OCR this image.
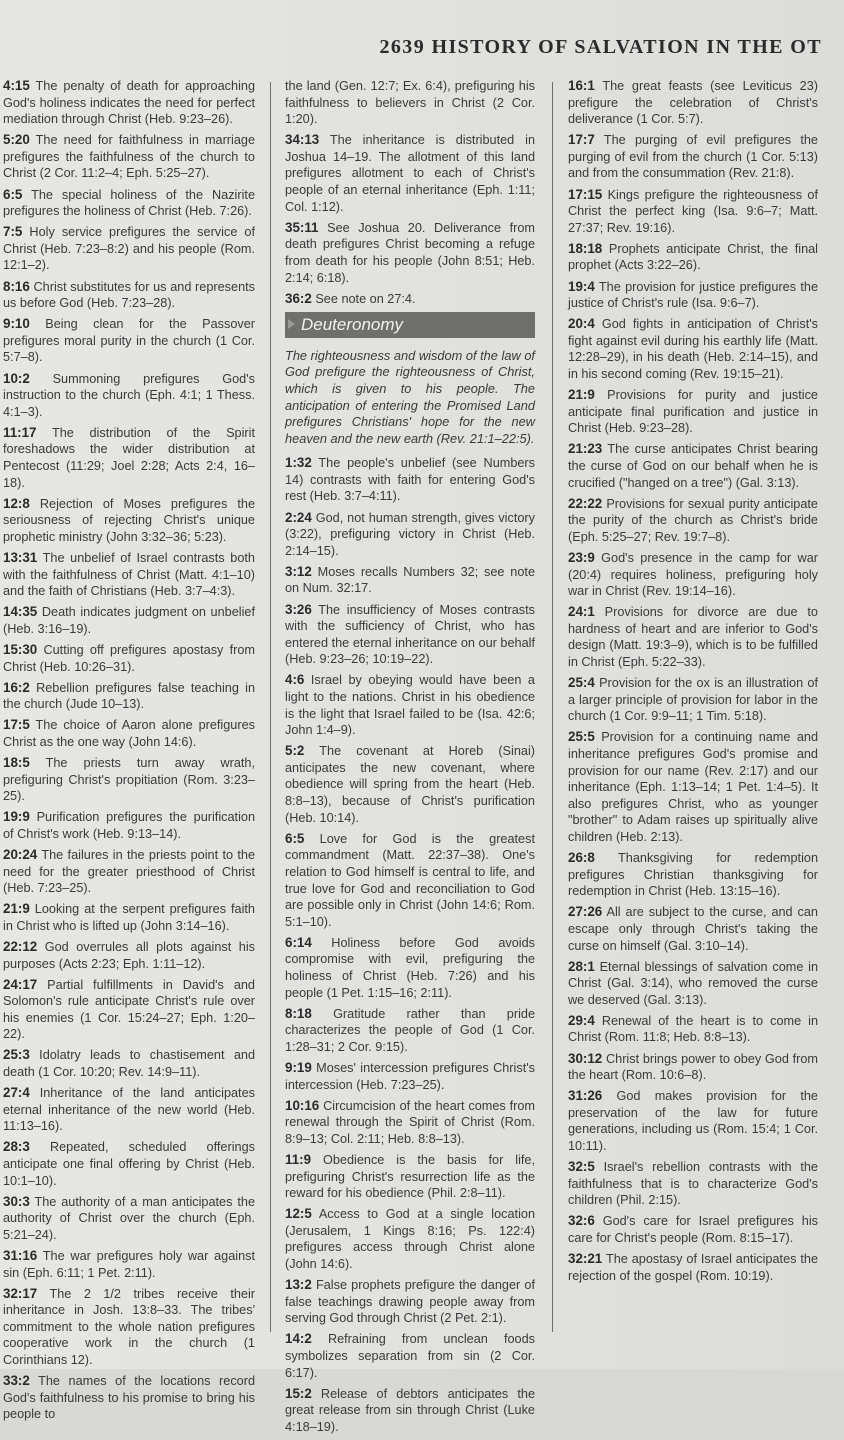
2639 HISTORY OF SALVATION IN THE OT
4:15 The penalty of death for approaching God's holiness indicates the need for perfect mediation through Christ (Heb. 9:23–26).
5:20 The need for faithfulness in marriage prefigures the faithfulness of the church to Christ (2 Cor. 11:2–4; Eph. 5:25–27).
6:5 The special holiness of the Nazirite prefigures the holiness of Christ (Heb. 7:26).
7:5 Holy service prefigures the service of Christ (Heb. 7:23–8:2) and his people (Rom. 12:1–2).
8:16 Christ substitutes for us and represents us before God (Heb. 7:23–28).
9:10 Being clean for the Passover prefigures moral purity in the church (1 Cor. 5:7–8).
10:2 Summoning prefigures God's instruction to the church (Eph. 4:1; 1 Thess. 4:1–3).
11:17 The distribution of the Spirit foreshadows the wider distribution at Pentecost (11:29; Joel 2:28; Acts 2:4, 16–18).
12:8 Rejection of Moses prefigures the seriousness of rejecting Christ's unique prophetic ministry (John 3:32–36; 5:23).
13:31 The unbelief of Israel contrasts both with the faithfulness of Christ (Matt. 4:1–10) and the faith of Christians (Heb. 3:7–4:3).
14:35 Death indicates judgment on unbelief (Heb. 3:16–19).
15:30 Cutting off prefigures apostasy from Christ (Heb. 10:26–31).
16:2 Rebellion prefigures false teaching in the church (Jude 10–13).
17:5 The choice of Aaron alone prefigures Christ as the one way (John 14:6).
18:5 The priests turn away wrath, prefiguring Christ's propitiation (Rom. 3:23–25).
19:9 Purification prefigures the purification of Christ's work (Heb. 9:13–14).
20:24 The failures in the priests point to the need for the greater priesthood of Christ (Heb. 7:23–25).
21:9 Looking at the serpent prefigures faith in Christ who is lifted up (John 3:14–16).
22:12 God overrules all plots against his purposes (Acts 2:23; Eph. 1:11–12).
24:17 Partial fulfillments in David's and Solomon's rule anticipate Christ's rule over his enemies (1 Cor. 15:24–27; Eph. 1:20–22).
25:3 Idolatry leads to chastisement and death (1 Cor. 10:20; Rev. 14:9–11).
27:4 Inheritance of the land anticipates eternal inheritance of the new world (Heb. 11:13–16).
28:3 Repeated, scheduled offerings anticipate one final offering by Christ (Heb. 10:1–10).
30:3 The authority of a man anticipates the authority of Christ over the church (Eph. 5:21–24).
31:16 The war prefigures holy war against sin (Eph. 6:11; 1 Pet. 2:11).
32:17 The 2 1/2 tribes receive their inheritance in Josh. 13:8–33. The tribes' commitment to the whole nation prefigures cooperative work in the church (1 Corinthians 12).
33:2 The names of the locations record God's faithfulness to his promise to bring his people to
the land (Gen. 12:7; Ex. 6:4), prefiguring his faithfulness to believers in Christ (2 Cor. 1:20).
34:13 The inheritance is distributed in Joshua 14–19. The allotment of this land prefigures allotment to each of Christ's people of an eternal inheritance (Eph. 1:11; Col. 1:12).
35:11 See Joshua 20. Deliverance from death prefigures Christ becoming a refuge from death for his people (John 8:51; Heb. 2:14; 6:18).
36:2 See note on 27:4.
Deuteronomy
The righteousness and wisdom of the law of God prefigure the righteousness of Christ, which is given to his people. The anticipation of entering the Promised Land prefigures Christians' hope for the new heaven and the new earth (Rev. 21:1–22:5).
1:32 The people's unbelief (see Numbers 14) contrasts with faith for entering God's rest (Heb. 3:7–4:11).
2:24 God, not human strength, gives victory (3:22), prefiguring victory in Christ (Heb. 2:14–15).
3:12 Moses recalls Numbers 32; see note on Num. 32:17.
3:26 The insufficiency of Moses contrasts with the sufficiency of Christ, who has entered the eternal inheritance on our behalf (Heb. 9:23–26; 10:19–22).
4:6 Israel by obeying would have been a light to the nations. Christ in his obedience is the light that Israel failed to be (Isa. 42:6; John 1:4–9).
5:2 The covenant at Horeb (Sinai) anticipates the new covenant, where obedience will spring from the heart (Heb. 8:8–13), because of Christ's purification (Heb. 10:14).
6:5 Love for God is the greatest commandment (Matt. 22:37–38). One's relation to God himself is central to life, and true love for God and reconciliation to God are possible only in Christ (John 14:6; Rom. 5:1–10).
6:14 Holiness before God avoids compromise with evil, prefiguring the holiness of Christ (Heb. 7:26) and his people (1 Pet. 1:15–16; 2:11).
8:18 Gratitude rather than pride characterizes the people of God (1 Cor. 1:28–31; 2 Cor. 9:15).
9:19 Moses' intercession prefigures Christ's intercession (Heb. 7:23–25).
10:16 Circumcision of the heart comes from renewal through the Spirit of Christ (Rom. 8:9–13; Col. 2:11; Heb. 8:8–13).
11:9 Obedience is the basis for life, prefiguring Christ's resurrection life as the reward for his obedience (Phil. 2:8–11).
12:5 Access to God at a single location (Jerusalem, 1 Kings 8:16; Ps. 122:4) prefigures access through Christ alone (John 14:6).
13:2 False prophets prefigure the danger of false teachings drawing people away from serving God through Christ (2 Pet. 2:1).
14:2 Refraining from unclean foods symbolizes separation from sin (2 Cor. 6:17).
15:2 Release of debtors anticipates the great release from sin through Christ (Luke 4:18–19).
16:1 The great feasts (see Leviticus 23) prefigure the celebration of Christ's deliverance (1 Cor. 5:7).
17:7 The purging of evil prefigures the purging of evil from the church (1 Cor. 5:13) and from the consummation (Rev. 21:8).
17:15 Kings prefigure the righteousness of Christ the perfect king (Isa. 9:6–7; Matt. 27:37; Rev. 19:16).
18:18 Prophets anticipate Christ, the final prophet (Acts 3:22–26).
19:4 The provision for justice prefigures the justice of Christ's rule (Isa. 9:6–7).
20:4 God fights in anticipation of Christ's fight against evil during his earthly life (Matt. 12:28–29), in his death (Heb. 2:14–15), and in his second coming (Rev. 19:15–21).
21:9 Provisions for purity and justice anticipate final purification and justice in Christ (Heb. 9:23–28).
21:23 The curse anticipates Christ bearing the curse of God on our behalf when he is crucified ("hanged on a tree") (Gal. 3:13).
22:22 Provisions for sexual purity anticipate the purity of the church as Christ's bride (Eph. 5:25–27; Rev. 19:7–8).
23:9 God's presence in the camp for war (20:4) requires holiness, prefiguring holy war in Christ (Rev. 19:14–16).
24:1 Provisions for divorce are due to hardness of heart and are inferior to God's design (Matt. 19:3–9), which is to be fulfilled in Christ (Eph. 5:22–33).
25:4 Provision for the ox is an illustration of a larger principle of provision for labor in the church (1 Cor. 9:9–11; 1 Tim. 5:18).
25:5 Provision for a continuing name and inheritance prefigures God's promise and provision for our name (Rev. 2:17) and our inheritance (Eph. 1:13–14; 1 Pet. 1:4–5). It also prefigures Christ, who as younger "brother" to Adam raises up spiritually alive children (Heb. 2:13).
26:8 Thanksgiving for redemption prefigures Christian thanksgiving for redemption in Christ (Heb. 13:15–16).
27:26 All are subject to the curse, and can escape only through Christ's taking the curse on himself (Gal. 3:10–14).
28:1 Eternal blessings of salvation come in Christ (Gal. 3:14), who removed the curse we deserved (Gal. 3:13).
29:4 Renewal of the heart is to come in Christ (Rom. 11:8; Heb. 8:8–13).
30:12 Christ brings power to obey God from the heart (Rom. 10:6–8).
31:26 God makes provision for the preservation of the law for future generations, including us (Rom. 15:4; 1 Cor. 10:11).
32:5 Israel's rebellion contrasts with the faithfulness that is to characterize God's children (Phil. 2:15).
32:6 God's care for Israel prefigures his care for Christ's people (Rom. 8:15–17).
32:21 The apostasy of Israel anticipates the rejection of the gospel (Rom. 10:19).
